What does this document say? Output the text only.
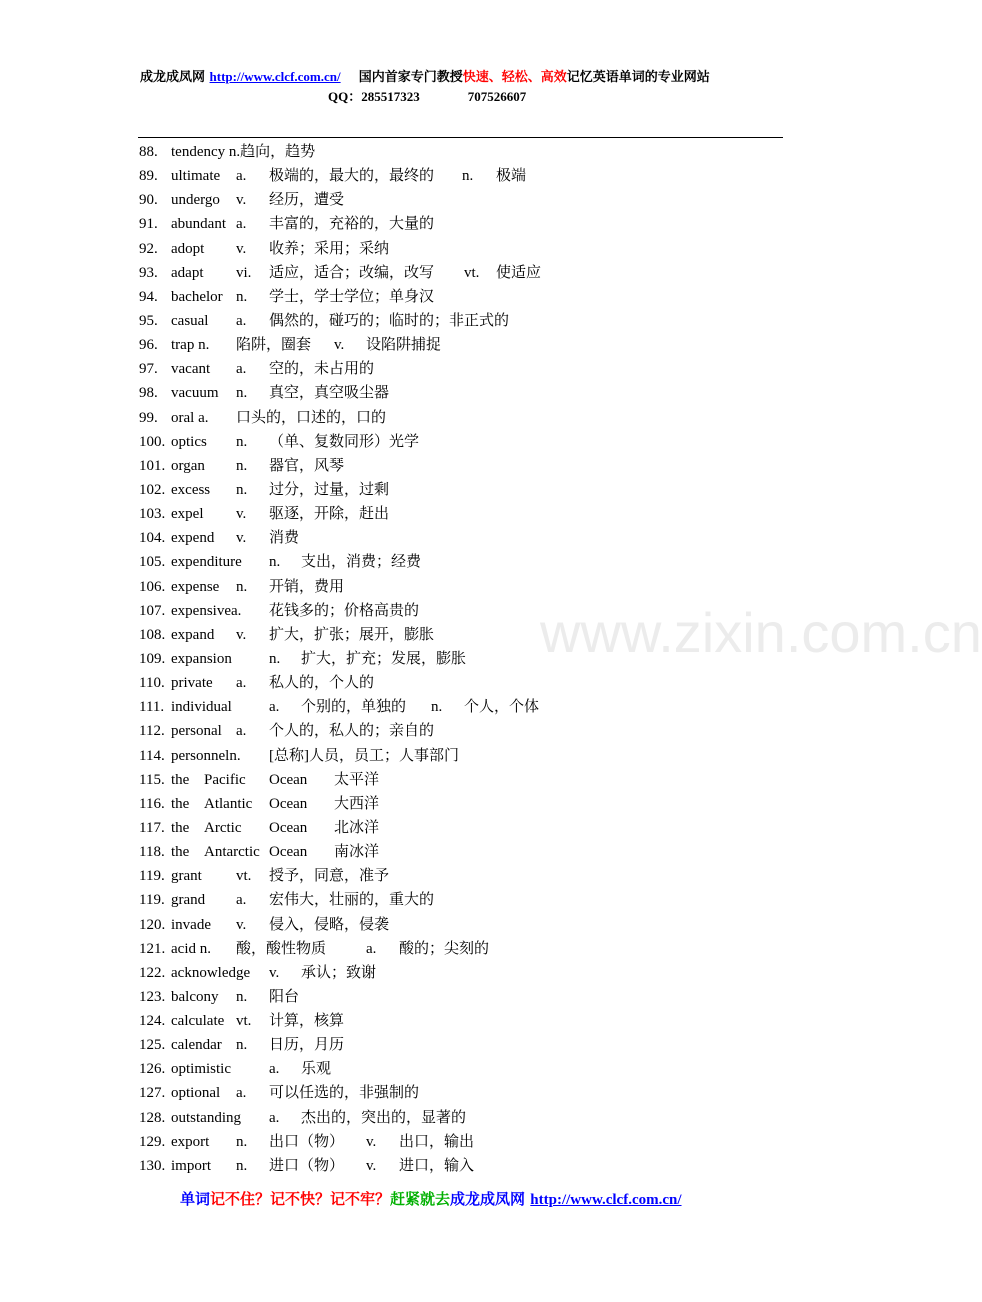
成龙成凤网 http://www.clcf.com.cn/ 国内首家专门教授快速、轻松、高效记忆英语单词的专业网站
QQ：285517323	707526607
www.zixin.com.cn
88. tendency n.趋向，趋势
89. ultimate a. 极端的，最大的，最终的 n. 极端
90. undergo v. 经历，遭受
91. abundant a. 丰富的，充裕的，大量的
92. adopt v. 收养；采用；采纳
93. adapt vi. 适应，适合；改编，改写 vt. 使适应
94. bachelor n. 学士，学士学位；单身汉
95. casual a. 偶然的，碰巧的；临时的；非正式的
96. trap n. 陷阱，圈套 v. 设陷阱捕捉
97. vacant a. 空的，未占用的
98. vacuum n. 真空，真空吸尘器
99. oral a. 口头的，口述的，口的
100. optics n. （单、复数同形）光学
101. organ n. 器官，风琴
102. excess n. 过分，过量，过剩
103. expel v. 驱逐，开除，赶出
104. expend v. 消费
105. expenditure n. 支出，消费；经费
106. expense n. 开销，费用
107. expensivea. 花钱多的；价格高贵的
108. expand v. 扩大，扩张；展开，膨胀
109. expansion n. 扩大，扩充；发展，膨胀
110. private a. 私人的，个人的
111. individual a. 个别的，单独的 n. 个人，个体
112. personal a. 个人的，私人的；亲自的
114. personneln. [总称]人员，员工；人事部门
115. the Pacific Ocean 太平洋
116. the Atlantic Ocean 大西洋
117. the Arctic Ocean 北冰洋
118. the Antarctic Ocean 南冰洋
119. grant vt. 授予，同意，准予
119. grand a. 宏伟大，壮丽的，重大的
120. invade v. 侵入，侵略，侵袭
121. acid n. 酸，酸性物质	a. 酸的；尖刻的
122. acknowledge v. 承认；致谢
123. balcony n. 阳台
124. calculate vt. 计算，核算
125. calendar n. 日历，月历
126. optimistic	a. 乐观
127. optional a. 可以任选的，非强制的
128. outstanding a. 杰出的，突出的，显著的
129. export n. 出口（物） v. 出口，输出
130. import n. 进口（物） v. 进口，输入
单词记不住？记不快？记不牢？赶紧就去成龙成凤网 http://www.clcf.com.cn/
